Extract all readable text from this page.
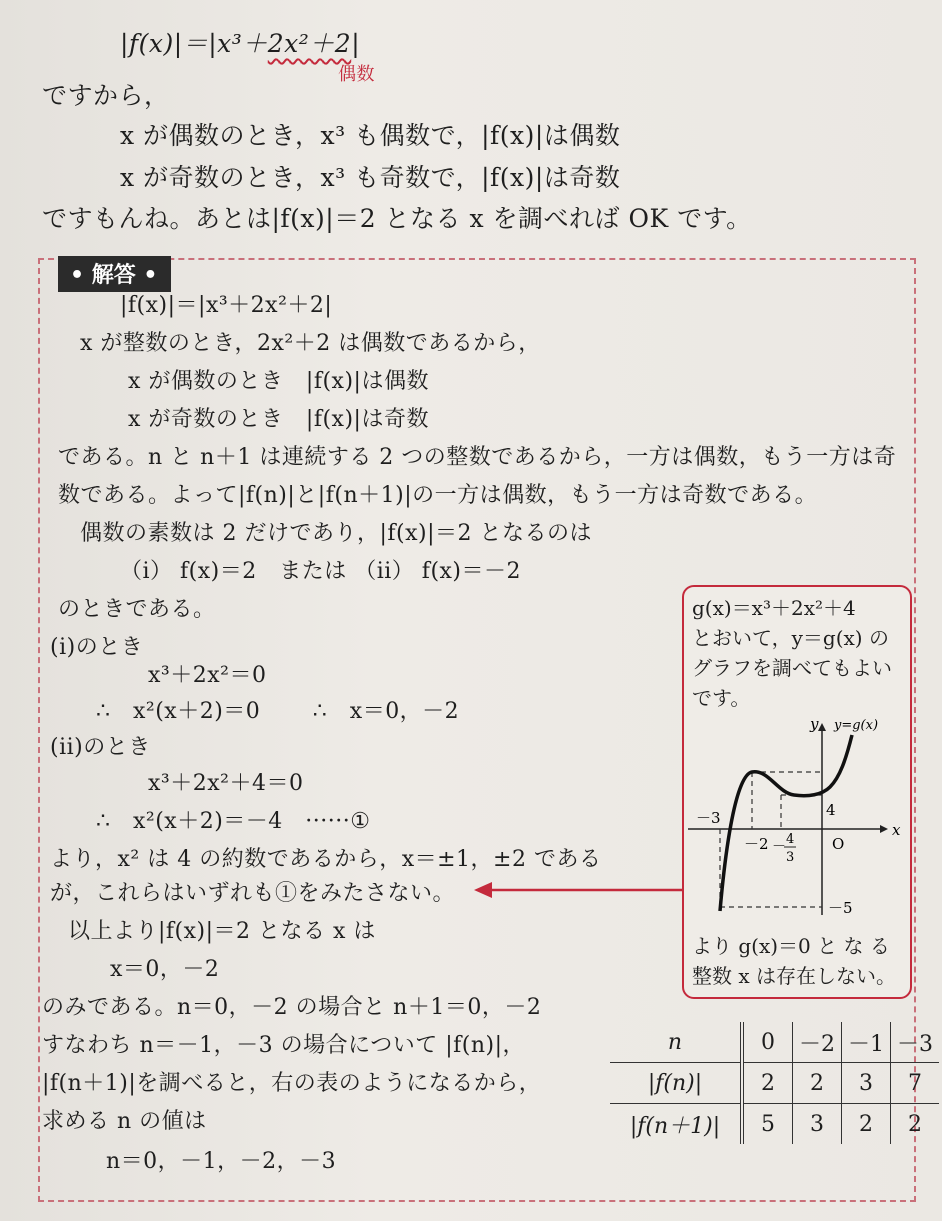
|f(x)|＝|x³＋2x²＋2|
偶数
ですから，
x が偶数のとき，x³ も偶数で，|f(x)|は偶数
x が奇数のとき，x³ も奇数で，|f(x)|は奇数
ですもんね。あとは|f(x)|＝2 となる x を調べれば OK です。
• 解答 •
|f(x)|＝|x³＋2x²＋2|
x が整数のとき，2x²＋2 は偶数であるから，
x が偶数のとき　|f(x)|は偶数
x が奇数のとき　|f(x)|は奇数
である。n と n＋1 は連続する 2 つの整数であるから，一方は偶数，もう一方は奇
数である。よって|f(n)|と|f(n＋1)|の一方は偶数，もう一方は奇数である。
偶数の素数は 2 だけであり，|f(x)|＝2 となるのは
（i） f(x)＝2　または （ii） f(x)＝－2
のときである。
(i)のとき
x³＋2x²＝0
∴　x²(x＋2)＝0　　 ∴　x＝0，－2
(ii)のとき
x³＋2x²＋4＝0
∴　x²(x＋2)＝－4　······①
より，x² は 4 の約数であるから，x＝±1，±2 である
が，これらはいずれも①をみたさない。
以上より|f(x)|＝2 となる x は
x＝0，－2
のみである。n＝0，－2 の場合と n＋1＝0，－2
すなわち n＝－1，－3 の場合について |f(n)|，
|f(n＋1)|を調べると，右の表のようになるから，
求める n の値は
n＝0，－1，－2，－3
g(x)＝x³＋2x²＋4
とおいて，y＝g(x) の
グラフを調べてもよい
です。
y y=g(x)
x
4
－5
－3
－2 － 4
3
O
より g(x)＝0 と な る
整数 x は存在しない。
n	0	－2	－1	－3
|f(n)|	2	2	3	7
|f(n＋1)|	5	3	2	2
